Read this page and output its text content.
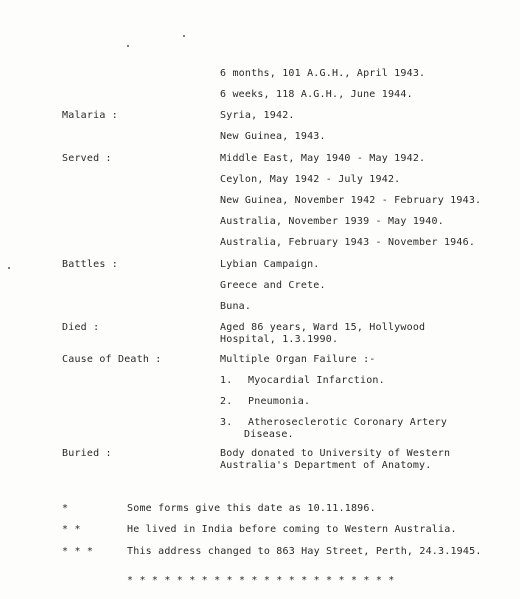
6 months, 101 A.G.H., April 1943.
6 weeks, 118 A.G.H., June 1944.
Malaria :	Syria, 1942.
New Guinea, 1943.
Served :	Middle East, May 1940 - May 1942.
Ceylon, May 1942 - July 1942.
New Guinea, November 1942 - February 1943.
Australia, November 1939 - May 1940.
Australia, February 1943 - November 1946.
Battles :	Lybian Campaign.
Greece and Crete.
Buna.
Died :	Aged 86 years, Ward 15, Hollywood
Hospital, 1.3.1990.
Cause of Death :	Multiple Organ Failure :-
1. Myocardial Infarction.
2. Pneumonia.
3. Atheroseclerotic Coronary Artery
Disease.
Buried :	Body donated to University of Western
Australia's Department of Anatomy.
*	Some forms give this date as 10.11.1896.
* *	He lived in India before coming to Western Australia.
* * *	This address changed to 863 Hay Street, Perth, 24.3.1945.
* * * * * * * * * * * * * * * * * * * * * *
